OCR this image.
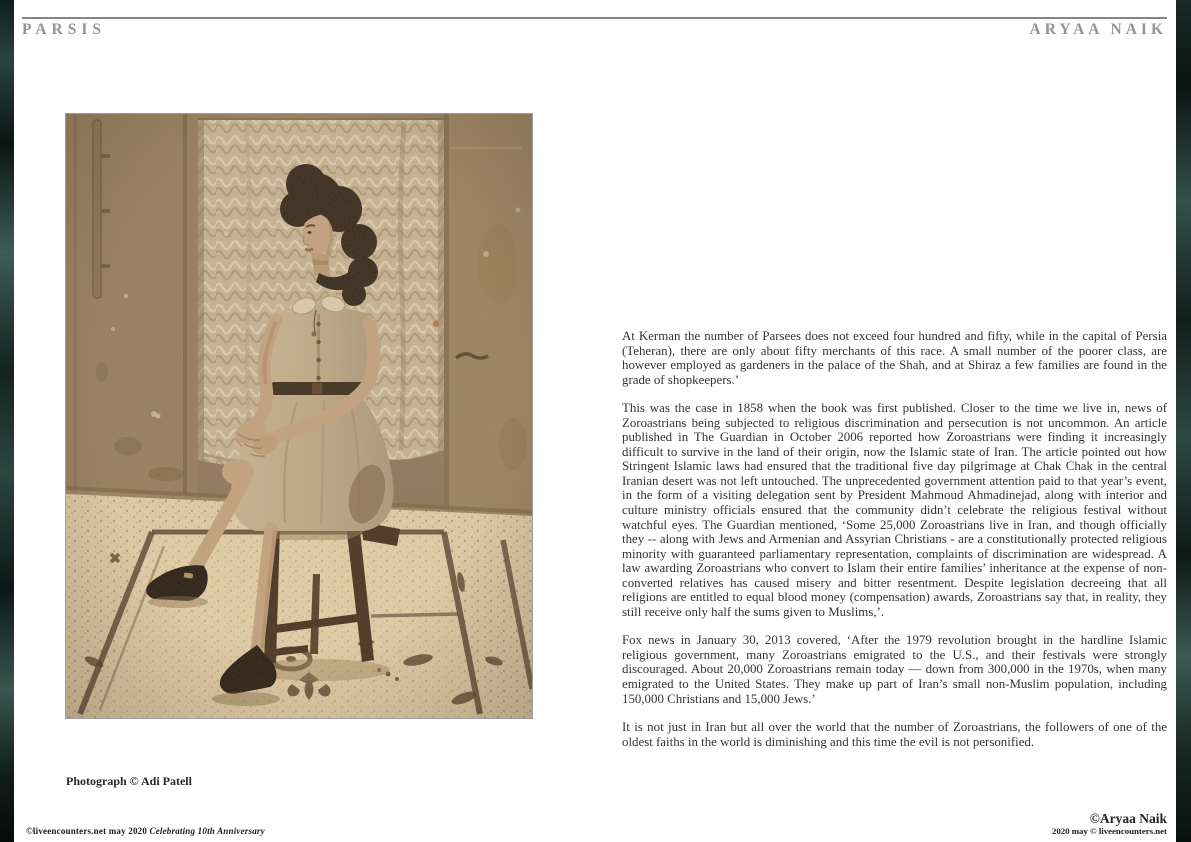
PARSIS	ARYAA NAIK
Photograph © Adi Patell

At Kerman the number of Parsees does not exceed four hundred and fifty, while in the capital of Persia (Teheran), there are only about fifty merchants of this race. A small number of the poorer class, are however employed as gardeners in the palace of the Shah, and at Shiraz a few families are found in the grade of shopkeepers.’

This was the case in 1858 when the book was first published. Closer to the time we live in, news of Zoroastrians being subjected to religious discrimination and persecution is not uncommon. An article published in The Guardian in October 2006 reported how Zoroastrians were finding it increasingly difficult to survive in the land of their origin, now the Islamic state of Iran. The article pointed out how Stringent Islamic laws had ensured that the traditional five day pilgrimage at Chak Chak in the central Iranian desert was not left untouched. The unprecedented government attention paid to that year’s event, in the form of a visiting delegation sent by President Mahmoud Ahmadinejad, along with interior and culture ministry officials ensured that the community didn’t celebrate the religious festival without watchful eyes. The Guardian mentioned, ‘Some 25,000 Zoroastrians live in Iran, and though officially they -- along with Jews and Armenian and Assyrian Christians - are a constitutionally protected religious minority with guaranteed parliamentary representation, complaints of discrimination are widespread. A law awarding Zoroastrians who convert to Islam their entire families’ inheritance at the expense of non-converted relatives has caused misery and bitter resentment. Despite legislation decreeing that all religions are entitled to equal blood money (compensation) awards, Zoroastrians say that, in reality, they still receive only half the sums given to Muslims,’.

Fox news in January 30, 2013 covered, ‘After the 1979 revolution brought in the hardline Islamic religious government, many Zoroastrians emigrated to the U.S., and their festivals were strongly discouraged. About 20,000 Zoroastrians remain today — down from 300,000 in the 1970s, when many emigrated to the United States. They make up part of Iran’s small non-Muslim population, including 150,000 Christians and 15,000 Jews.’

It is not just in Iran but all over the world that the number of Zoroastrians, the followers of one of the oldest faiths in the world is diminishing and this time the evil is not personified.

©liveencounters.net may 2020 Celebrating 10th Anniversary
©Aryaa Naik
2020 may © liveencounters.net
